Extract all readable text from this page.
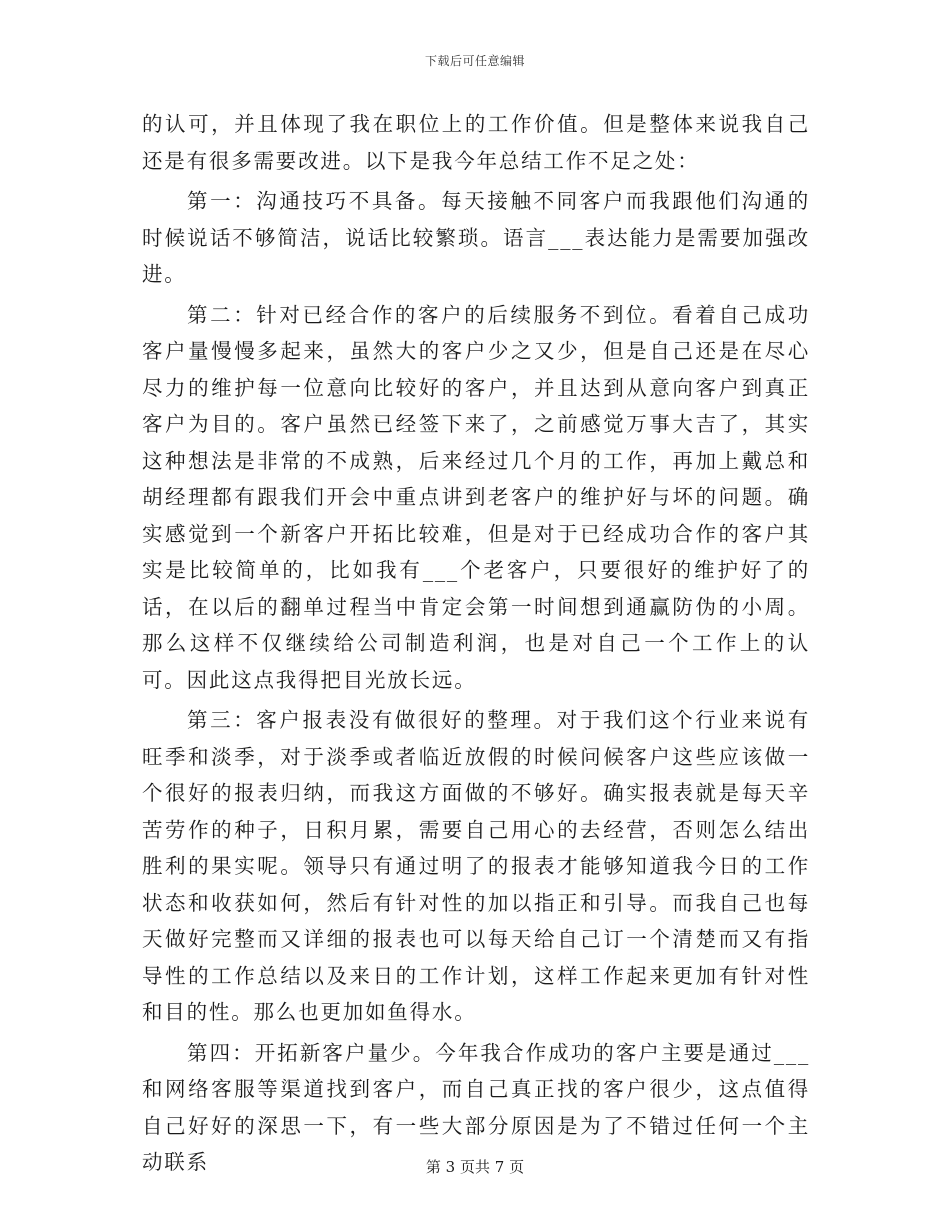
下载后可任意编辑

的认可，并且体现了我在职位上的工作价值。但是整体来说我自己还是有很多需要改进。以下是我今年总结工作不足之处：

第一：沟通技巧不具备。每天接触不同客户而我跟他们沟通的时候说话不够简洁，说话比较繁琐。语言___表达能力是需要加强改进。

第二：针对已经合作的客户的后续服务不到位。看着自己成功客户量慢慢多起来，虽然大的客户少之又少，但是自己还是在尽心尽力的维护每一位意向比较好的客户，并且达到从意向客户到真正客户为目的。客户虽然已经签下来了，之前感觉万事大吉了，其实这种想法是非常的不成熟，后来经过几个月的工作，再加上戴总和胡经理都有跟我们开会中重点讲到老客户的维护好与坏的问题。确实感觉到一个新客户开拓比较难，但是对于已经成功合作的客户其实是比较简单的，比如我有___个老客户，只要很好的维护好了的话，在以后的翻单过程当中肯定会第一时间想到通赢防伪的小周。那么这样不仅继续给公司制造利润，也是对自己一个工作上的认可。因此这点我得把目光放长远。

第三：客户报表没有做很好的整理。对于我们这个行业来说有旺季和淡季，对于淡季或者临近放假的时候问候客户这些应该做一个很好的报表归纳，而我这方面做的不够好。确实报表就是每天辛苦劳作的种子，日积月累，需要自己用心的去经营，否则怎么结出胜利的果实呢。领导只有通过明了的报表才能够知道我今日的工作状态和收获如何，然后有针对性的加以指正和引导。而我自己也每天做好完整而又详细的报表也可以每天给自己订一个清楚而又有指导性的工作总结以及来日的工作计划，这样工作起来更加有针对性和目的性。那么也更加如鱼得水。

第四：开拓新客户量少。今年我合作成功的客户主要是通过___和网络客服等渠道找到客户，而自己真正找的客户很少，这点值得自己好好的深思一下，有一些大部分原因是为了不错过任何一个主动联系	第 3 页共 7 页
